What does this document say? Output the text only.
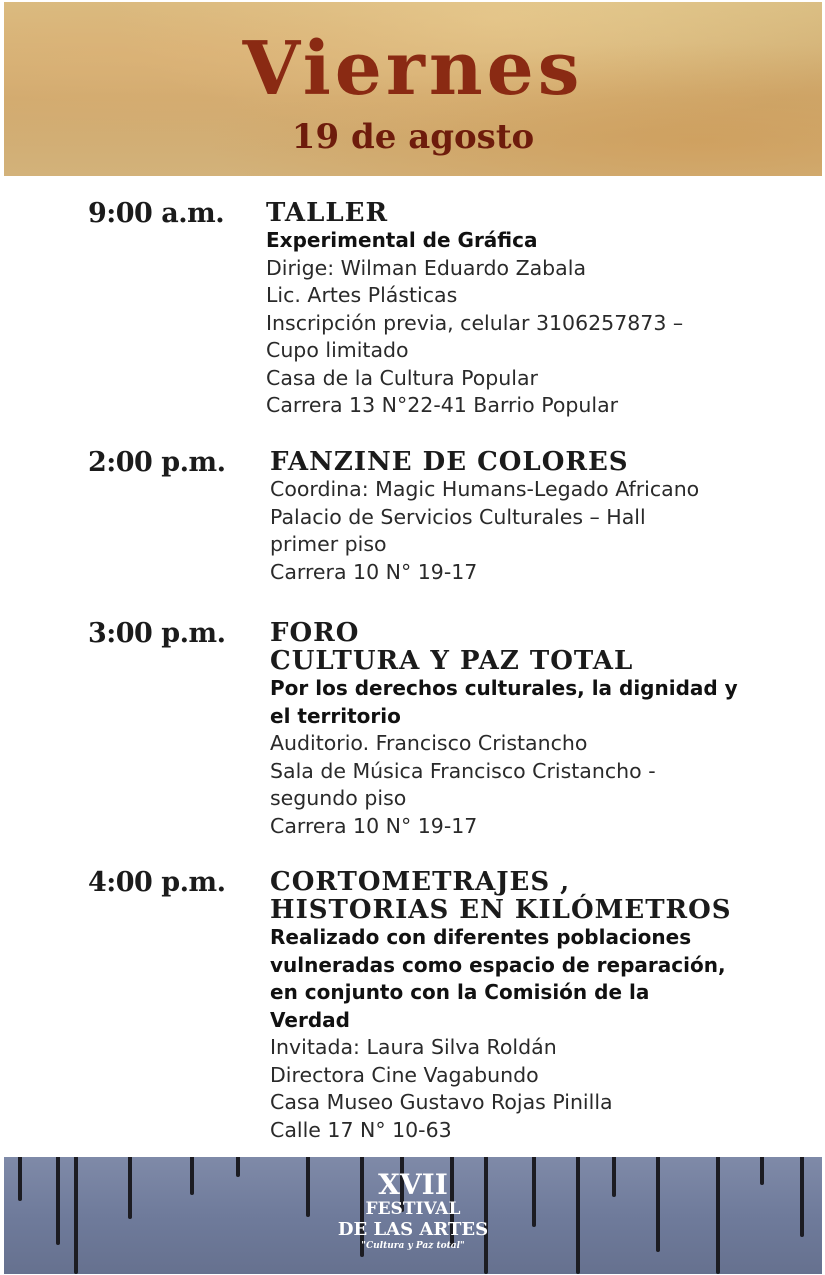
Viernes
19 de agosto
9:00 a.m. TALLER
Experimental de Gráfica
Dirige: Wilman Eduardo Zabala
Lic. Artes Plásticas
Inscripción previa, celular 3106257873 –
Cupo limitado
Casa de la Cultura Popular
Carrera 13 N°22-41 Barrio Popular
2:00 p.m. FANZINE DE COLORES
Coordina: Magic Humans-Legado Africano
Palacio de Servicios Culturales – Hall
primer piso
Carrera 10 N° 19-17
3:00 p.m. FORO
CULTURA Y PAZ TOTAL
Por los derechos culturales, la dignidad y
el territorio
Auditorio. Francisco Cristancho
Sala de Música Francisco Cristancho -
segundo piso
Carrera 10 N° 19-17
4:00 p.m. CORTOMETRAJES ,
HISTORIAS EN KILÓMETROS
Realizado con diferentes poblaciones
vulneradas como espacio de reparación,
en conjunto con la Comisión de la
Verdad
Invitada: Laura Silva Roldán
Directora Cine Vagabundo
Casa Museo Gustavo Rojas Pinilla
Calle 17 N° 10-63
XVII
FESTIVAL
DE LAS ARTES
"Cultura y Paz total"
